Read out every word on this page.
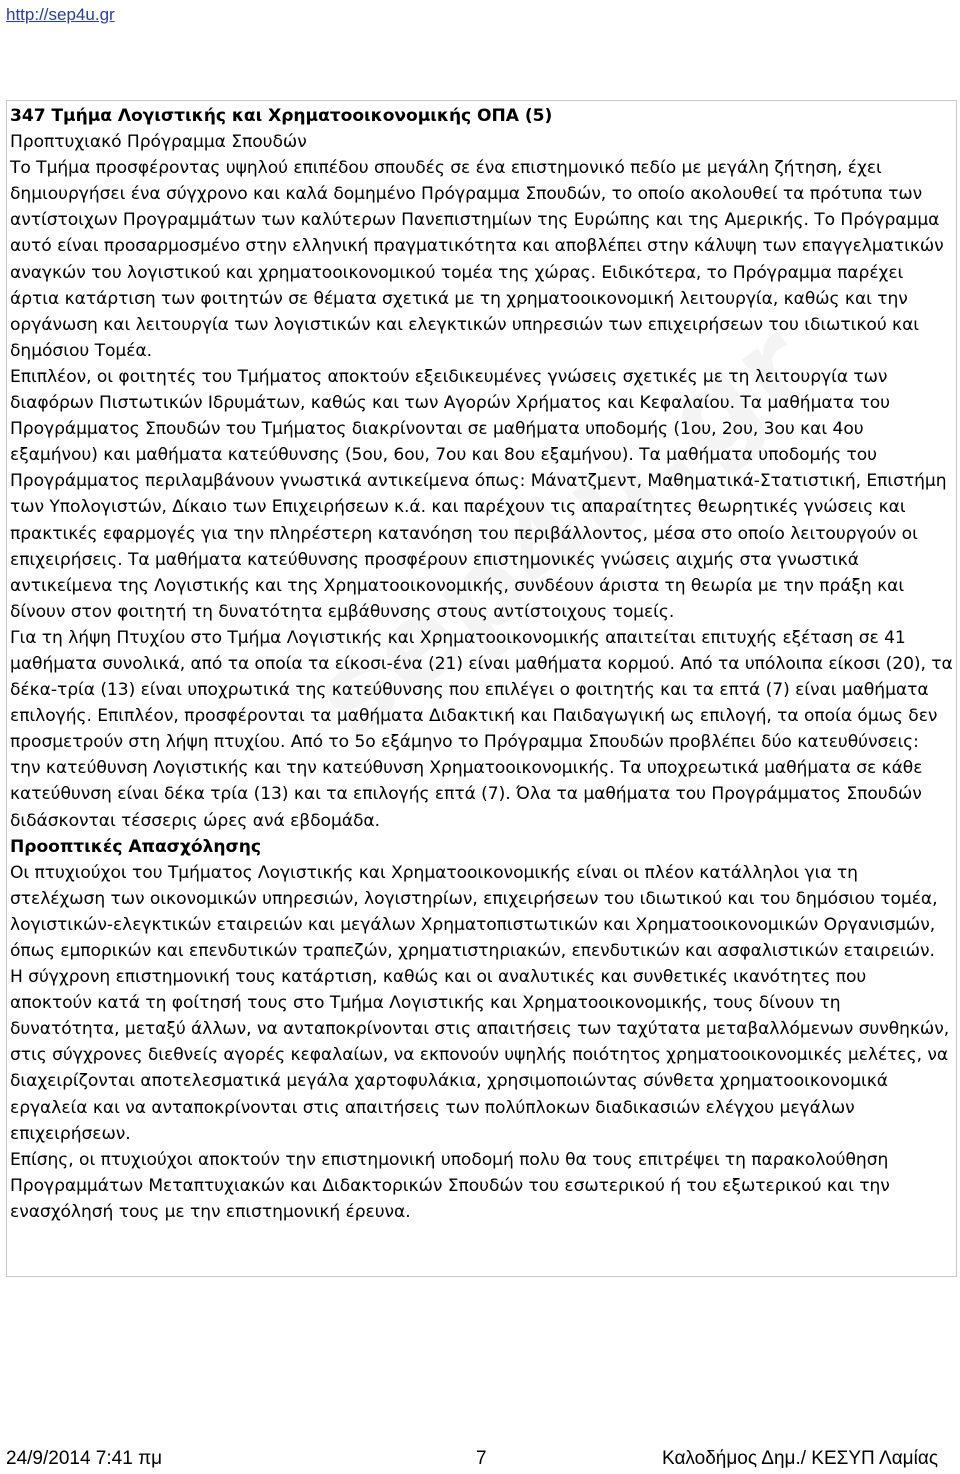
http://sep4u.gr

347 Τμήμα Λογιστικής και Χρηματοοικονομικής ΟΠΑ (5)

Προπτυχιακό Πρόγραμμα Σπουδών

Το Τμήμα προσφέροντας υψηλού επιπέδου σπουδές σε ένα επιστημονικό πεδίο με μεγάλη ζήτηση, έχει δημιουργήσει ένα σύγχρονο και καλά δομημένο Πρόγραμμα Σπουδών, το οποίο ακολουθεί τα πρότυπα των αντίστοιχων Προγραμμάτων των καλύτερων Πανεπιστημίων της Ευρώπης και της Αμερικής. Το Πρόγραμμα αυτό είναι προσαρμοσμένο στην ελληνική πραγματικότητα και αποβλέπει στην κάλυψη των επαγγελματικών αναγκών του λογιστικού και χρηματοοικονομικού τομέα της χώρας. Ειδικότερα, το Πρόγραμμα παρέχει άρτια κατάρτιση των φοιτητών σε θέματα σχετικά με τη χρηματοοικονομική λειτουργία, καθώς και την οργάνωση και λειτουργία των λογιστικών και ελεγκτικών υπηρεσιών των επιχειρήσεων του ιδιωτικού και δημόσιου Τομέα.

Επιπλέον, οι φοιτητές του Τμήματος αποκτούν εξειδικευμένες γνώσεις σχετικές με τη λειτουργία των διαφόρων Πιστωτικών Ιδρυμάτων, καθώς και των Αγορών Χρήματος και Κεφαλαίου. Τα μαθήματα του Προγράμματος Σπουδών του Τμήματος διακρίνονται σε μαθήματα υποδομής (1ου, 2ου, 3ου και 4ου εξαμήνου) και μαθήματα κατεύθυνσης (5ου, 6ου, 7ου και 8ου εξαμήνου). Τα μαθήματα υποδομής του Προγράμματος περιλαμβάνουν γνωστικά αντικείμενα όπως: Μάνατζμεντ, Μαθηματικά-Στατιστική, Επιστήμη των Υπολογιστών, Δίκαιο των Επιχειρήσεων κ.ά. και παρέχουν τις απαραίτητες θεωρητικές γνώσεις και πρακτικές εφαρμογές για την πληρέστερη κατανόηση του περιβάλλοντος, μέσα στο οποίο λειτουργούν οι επιχειρήσεις. Τα μαθήματα κατεύθυνσης προσφέρουν επιστημονικές γνώσεις αιχμής στα γνωστικά αντικείμενα της Λογιστικής και της Χρηματοοικονομικής, συνδέουν άριστα τη θεωρία με την πράξη και δίνουν στον φοιτητή τη δυνατότητα εμβάθυνσης στους αντίστοιχους τομείς.

Για τη λήψη Πτυχίου στο Τμήμα Λογιστικής και Χρηματοοικονομικής απαιτείται επιτυχής εξέταση σε 41 μαθήματα συνολικά, από τα οποία τα είκοσι-ένα (21) είναι μαθήματα κορμού. Από τα υπόλοιπα είκοσι (20), τα δέκα-τρία (13) είναι υποχρωτικά της κατεύθυνσης που επιλέγει ο φοιτητής και τα επτά (7) είναι μαθήματα επιλογής. Επιπλέον, προσφέρονται τα μαθήματα Διδακτική και Παιδαγωγική ως επιλογή, τα οποία όμως δεν προσμετρούν στη λήψη πτυχίου. Από το 5ο εξάμηνο το Πρόγραμμα Σπουδών προβλέπει δύο κατευθύνσεις: την κατεύθυνση Λογιστικής και την κατεύθυνση Χρηματοοικονομικής. Τα υποχρεωτικά μαθήματα σε κάθε κατεύθυνση είναι δέκα τρία (13) και τα επιλογής επτά (7). Όλα τα μαθήματα του Προγράμματος Σπουδών διδάσκονται τέσσερις ώρες ανά εβδομάδα.

Προοπτικές Απασχόλησης

Οι πτυχιούχοι του Τμήματος Λογιστικής και Χρηματοοικονομικής είναι οι πλέον κατάλληλοι για τη στελέχωση των οικονομικών υπηρεσιών, λογιστηρίων, επιχειρήσεων του ιδιωτικού και του δημόσιου τομέα, λογιστικών-ελεγκτικών εταιρειών και μεγάλων Χρηματοπιστωτικών και Χρηματοοικονομικών Οργανισμών, όπως εμπορικών και επενδυτικών τραπεζών, χρηματιστηριακών, επενδυτικών και ασφαλιστικών εταιρειών. Η σύγχρονη επιστημονική τους κατάρτιση, καθώς και οι αναλυτικές και συνθετικές ικανότητες που αποκτούν κατά τη φοίτησή τους στο Τμήμα Λογιστικής και Χρηματοοικονομικής, τους δίνουν τη δυνατότητα, μεταξύ άλλων, να ανταποκρίνονται στις απαιτήσεις των ταχύτατα μεταβαλλόμενων συνθηκών, στις σύγχρονες διεθνείς αγορές κεφαλαίων, να εκπονούν υψηλής ποιότητος χρηματοοικονομικές μελέτες, να διαχειρίζονται αποτελεσματικά μεγάλα χαρτοφυλάκια, χρησιμοποιώντας σύνθετα χρηματοοικονομικά εργαλεία και να ανταποκρίνονται στις απαιτήσεις των πολύπλοκων διαδικασιών ελέγχου μεγάλων επιχειρήσεων.

Επίσης, οι πτυχιούχοι αποκτούν την επιστημονική υποδομή πολυ θα τους επιτρέψει τη παρακολούθηση Προγραμμάτων Μεταπτυχιακών και Διδακτορικών Σπουδών του εσωτερικού ή του εξωτερικού και την ενασχόλησή τους με την επιστημονική έρευνα.

24/9/2014 7:41 πμ	7	Καλοδήμος Δημ./ ΚΕΣΥΠ Λαμίας
